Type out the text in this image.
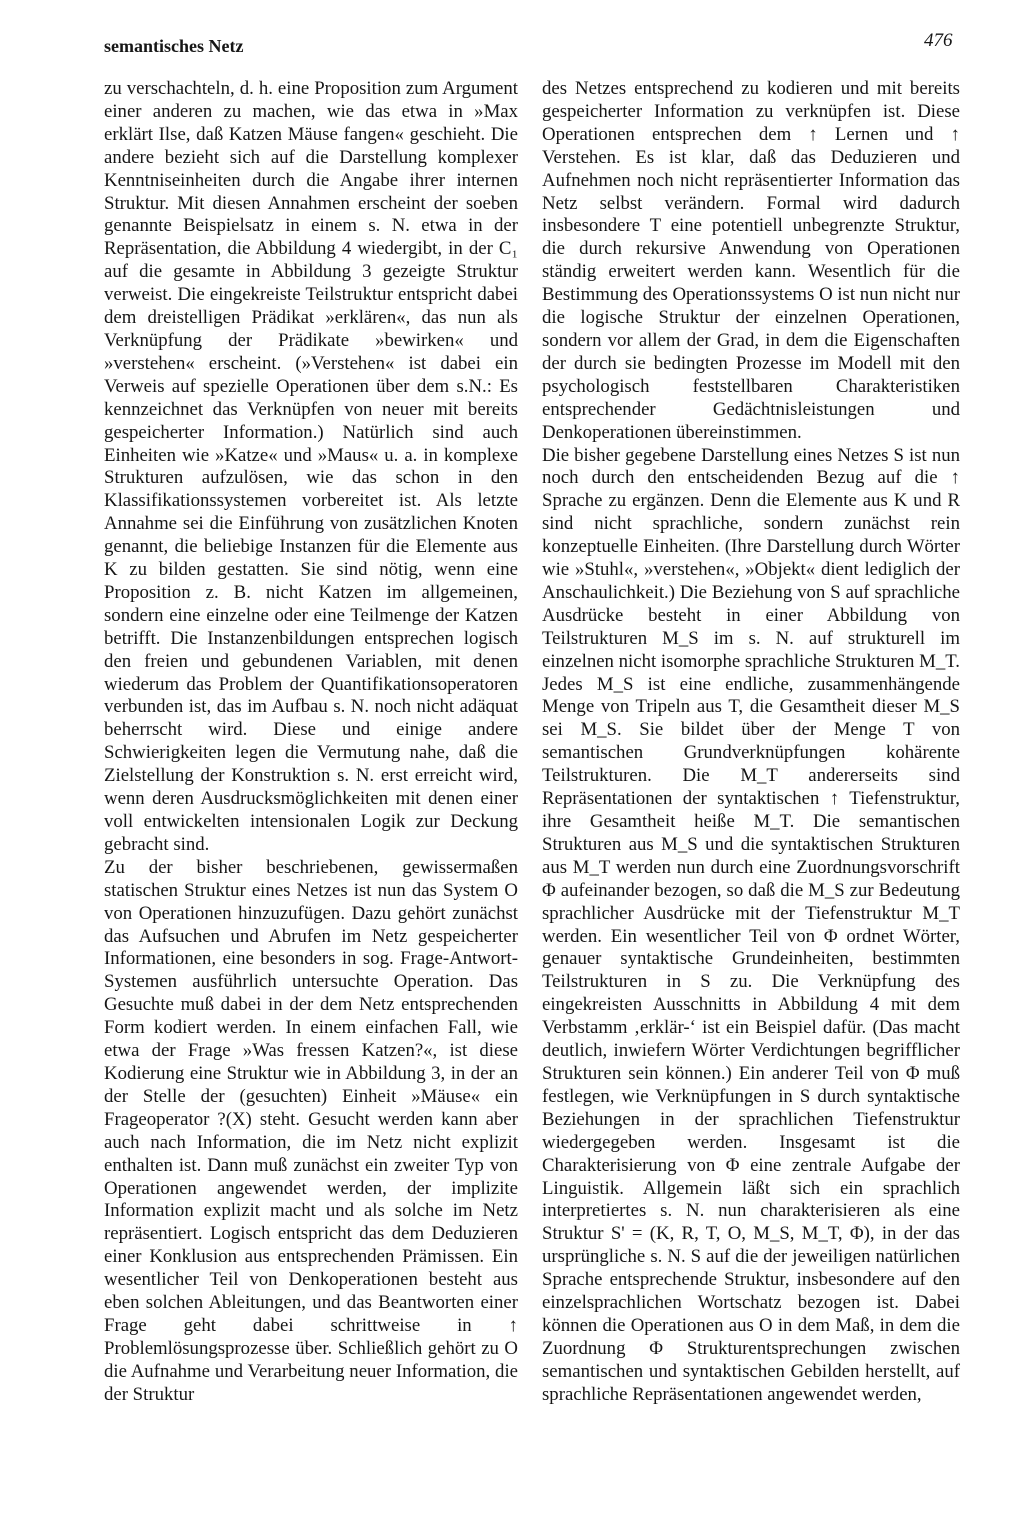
semantisches Netz	476

zu verschachteln, d. h. eine Proposition zum Argument einer anderen zu machen, wie das etwa in »Max erklärt Ilse, daß Katzen Mäuse fangen« geschieht. Die andere bezieht sich auf die Darstellung komplexer Kenntniseinheiten durch die Angabe ihrer internen Struktur. Mit diesen Annahmen erscheint der soeben genannte Beispielsatz in einem s. N. etwa in der Repräsentation, die Abbildung 4 wiedergibt, in der C₁ auf die gesamte in Abbildung 3 gezeigte Struktur verweist. Die eingekreiste Teilstruktur entspricht dabei dem dreistelligen Prädikat »erklären«, das nun als Verknüpfung der Prädikate »bewirken« und »verstehen« erscheint. (»Verstehen« ist dabei ein Verweis auf spezielle Operationen über dem s.N.: Es kennzeichnet das Verknüpfen von neuer mit bereits gespeicherter Information.) Natürlich sind auch Einheiten wie »Katze« und »Maus« u. a. in komplexe Strukturen aufzulösen, wie das schon in den Klassifikationssystemen vorbereitet ist. Als letzte Annahme sei die Einführung von zusätzlichen Knoten genannt, die beliebige Instanzen für die Elemente aus K zu bilden gestatten. Sie sind nötig, wenn eine Proposition z. B. nicht Katzen im allgemeinen, sondern eine einzelne oder eine Teilmenge der Katzen betrifft. Die Instanzenbildungen entsprechen logisch den freien und gebundenen Variablen, mit denen wiederum das Problem der Quantifikationsoperatoren verbunden ist, das im Aufbau s. N. noch nicht adäquat beherrscht wird. Diese und einige andere Schwierigkeiten legen die Vermutung nahe, daß die Zielstellung der Konstruktion s. N. erst erreicht wird, wenn deren Ausdrucksmöglichkeiten mit denen einer voll entwickelten intensionalen Logik zur Deckung gebracht sind.

Zu der bisher beschriebenen, gewissermaßen statischen Struktur eines Netzes ist nun das System O von Operationen hinzuzufügen. Dazu gehört zunächst das Aufsuchen und Abrufen im Netz gespeicherter Informationen, eine besonders in sog. Frage-Antwort-Systemen ausführlich untersuchte Operation. Das Gesuchte muß dabei in der dem Netz entsprechenden Form kodiert werden. In einem einfachen Fall, wie etwa der Frage »Was fressen Katzen?«, ist diese Kodierung eine Struktur wie in Abbildung 3, in der an der Stelle der (gesuchten) Einheit »Mäuse« ein Frageoperator ?(X) steht. Gesucht werden kann aber auch nach Information, die im Netz nicht explizit enthalten ist. Dann muß zunächst ein zweiter Typ von Operationen angewendet werden, der implizite Information explizit macht und als solche im Netz repräsentiert. Logisch entspricht das dem Deduzieren einer Konklusion aus entsprechenden Prämissen. Ein wesentlicher Teil von Denkoperationen besteht aus eben solchen Ableitungen, und das Beantworten einer Frage geht dabei schrittweise in ↑ Problemlösungsprozesse über. Schließlich gehört zu O die Aufnahme und Verarbeitung neuer Information, die der Struktur

des Netzes entsprechend zu kodieren und mit bereits gespeicherter Information zu verknüpfen ist. Diese Operationen entsprechen dem ↑ Lernen und ↑ Verstehen. Es ist klar, daß das Deduzieren und Aufnehmen noch nicht repräsentierter Information das Netz selbst verändern. Formal wird dadurch insbesondere T eine potentiell unbegrenzte Struktur, die durch rekursive Anwendung von Operationen ständig erweitert werden kann. Wesentlich für die Bestimmung des Operationssystems O ist nun nicht nur die logische Struktur der einzelnen Operationen, sondern vor allem der Grad, in dem die Eigenschaften der durch sie bedingten Prozesse im Modell mit den psychologisch feststellbaren Charakteristiken entsprechender Gedächtnisleistungen und Denkoperationen übereinstimmen.

Die bisher gegebene Darstellung eines Netzes S ist nun noch durch den entscheidenden Bezug auf die ↑ Sprache zu ergänzen. Denn die Elemente aus K und R sind nicht sprachliche, sondern zunächst rein konzeptuelle Einheiten. (Ihre Darstellung durch Wörter wie »Stuhl«, »verstehen«, »Objekt« dient lediglich der Anschaulichkeit.) Die Beziehung von S auf sprachliche Ausdrücke besteht in einer Abbildung von Teilstrukturen M_S im s. N. auf strukturell im einzelnen nicht isomorphe sprachliche Strukturen M_T. Jedes M_S ist eine endliche, zusammenhängende Menge von Tripeln aus T, die Gesamtheit dieser M_S sei M_S. Sie bildet über der Menge T von semantischen Grundverknüpfungen kohärente Teilstrukturen. Die M_T andererseits sind Repräsentationen der syntaktischen ↑ Tiefenstruktur, ihre Gesamtheit heiße M_T. Die semantischen Strukturen aus M_S und die syntaktischen Strukturen aus M_T werden nun durch eine Zuordnungsvorschrift Φ aufeinander bezogen, so daß die M_S zur Bedeutung sprachlicher Ausdrücke mit der Tiefenstruktur M_T werden. Ein wesentlicher Teil von Φ ordnet Wörter, genauer syntaktische Grundeinheiten, bestimmten Teilstrukturen in S zu. Die Verknüpfung des eingekreisten Ausschnitts in Abbildung 4 mit dem Verbstamm ‚erklär-‘ ist ein Beispiel dafür. (Das macht deutlich, inwiefern Wörter Verdichtungen begrifflicher Strukturen sein können.) Ein anderer Teil von Φ muß festlegen, wie Verknüpfungen in S durch syntaktische Beziehungen in der sprachlichen Tiefenstruktur wiedergegeben werden. Insgesamt ist die Charakterisierung von Φ eine zentrale Aufgabe der Linguistik. Allgemein läßt sich ein sprachlich interpretiertes s. N. nun charakterisieren als eine Struktur S' = (K, R, T, O, M_S, M_T, Φ), in der das ursprüngliche s. N. S auf die der jeweiligen natürlichen Sprache entsprechende Struktur, insbesondere auf den einzelsprachlichen Wortschatz bezogen ist. Dabei können die Operationen aus O in dem Maß, in dem die Zuordnung Φ Strukturentsprechungen zwischen semantischen und syntaktischen Gebilden herstellt, auf sprachliche Repräsentationen angewendet werden,
